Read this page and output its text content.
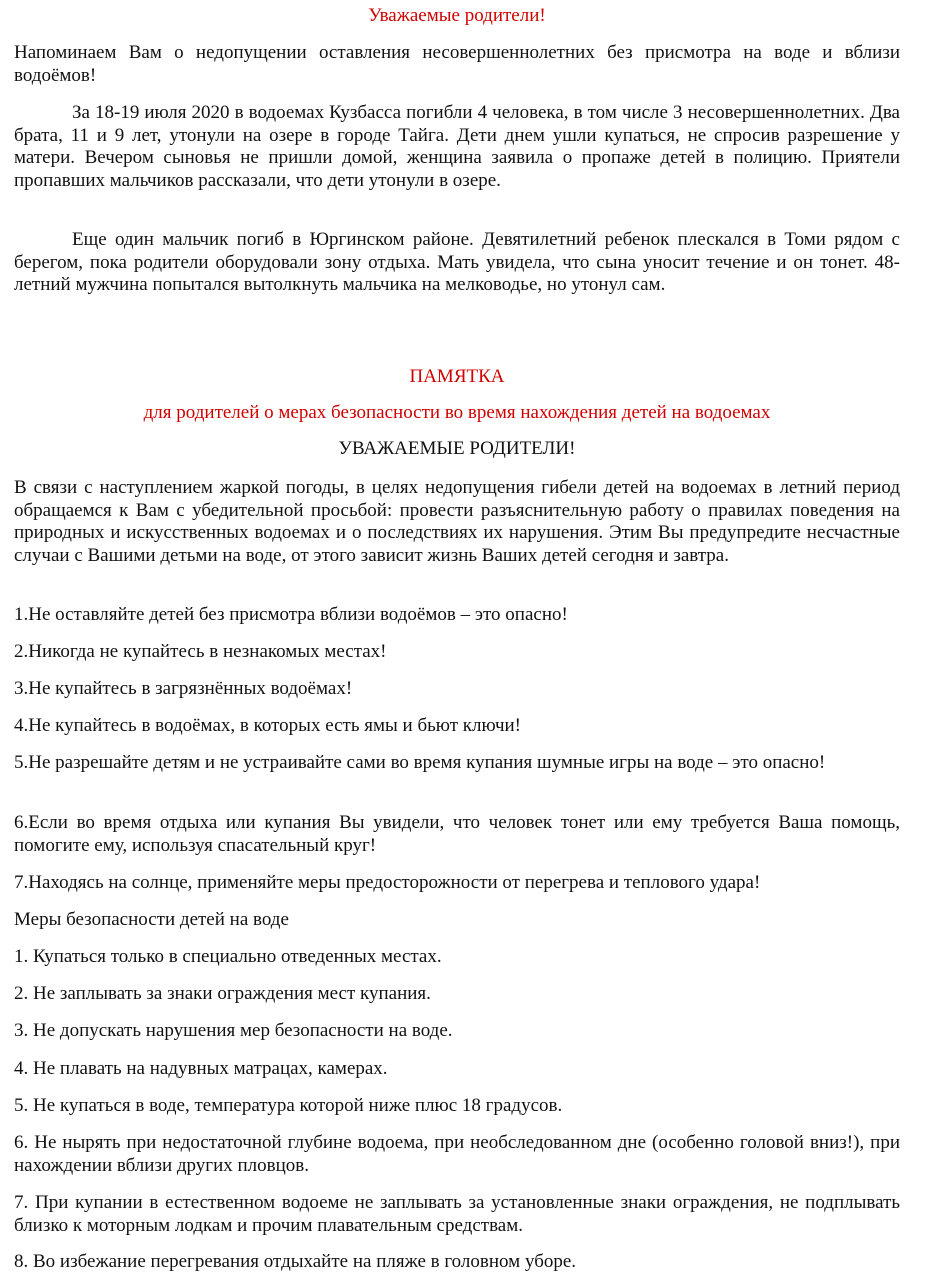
Уважаемые родители!

Напоминаем Вам о недопущении оставления несовершеннолетних без присмотра на воде и вблизи водоёмов!

За 18-19 июля 2020 в водоемах Кузбасса погибли 4 человека, в том числе 3 несовершеннолетних. Два брата, 11 и 9 лет, утонули на озере в городе Тайга. Дети днем ушли купаться, не спросив разрешение у матери. Вечером сыновья не пришли домой, женщина заявила о пропаже детей в полицию. Приятели пропавших мальчиков рассказали, что дети утонули в озере.

Еще один мальчик погиб в Юргинском районе. Девятилетний ребенок плескался в Томи рядом с берегом, пока родители оборудовали зону отдыха. Мать увидела, что сына уносит течение и он тонет. 48-летний мужчина попытался вытолкнуть мальчика на мелководье, но утонул сам.

ПАМЯТКА

для родителей о мерах безопасности во время нахождения детей на водоемах

УВАЖАЕМЫЕ РОДИТЕЛИ!

В связи с наступлением жаркой погоды, в целях недопущения гибели детей на водоемах в летний период обращаемся к Вам с убедительной просьбой: провести разъяснительную работу о правилах поведения на природных и искусственных водоемах и о последствиях их нарушения. Этим Вы предупредите несчастные случаи с Вашими детьми на воде, от этого зависит жизнь Ваших детей сегодня и завтра.

1.Не оставляйте детей без присмотра вблизи водоёмов – это опасно!

2.Никогда не купайтесь в незнакомых местах!

3.Не купайтесь в загрязнённых водоёмах!

4.Не купайтесь в водоёмах, в которых есть ямы и бьют ключи!

5.Не разрешайте детям и не устраивайте сами во время купания шумные игры на воде – это опасно!

6.Если во время отдыха или купания Вы увидели, что человек тонет или ему требуется Ваша помощь, помогите ему, используя спасательный круг!

7.Находясь на солнце, применяйте меры предосторожности от перегрева и теплового удара!

Меры безопасности детей на воде

1. Купаться только в специально отведенных местах.

2. Не заплывать за знаки ограждения мест купания.

3. Не допускать нарушения мер безопасности на воде.

4. Не плавать на надувных матрацах, камерах.

5. Не купаться в воде, температура которой ниже плюс 18 градусов.

6. Не нырять при недостаточной глубине водоема, при необследованном дне (особенно головой вниз!), при нахождении вблизи других пловцов.

7. При купании в естественном водоеме не заплывать за установленные знаки ограждения, не подплывать близко к моторным лодкам и прочим плавательным средствам.

8. Во избежание перегревания отдыхайте на пляже в головном уборе.
